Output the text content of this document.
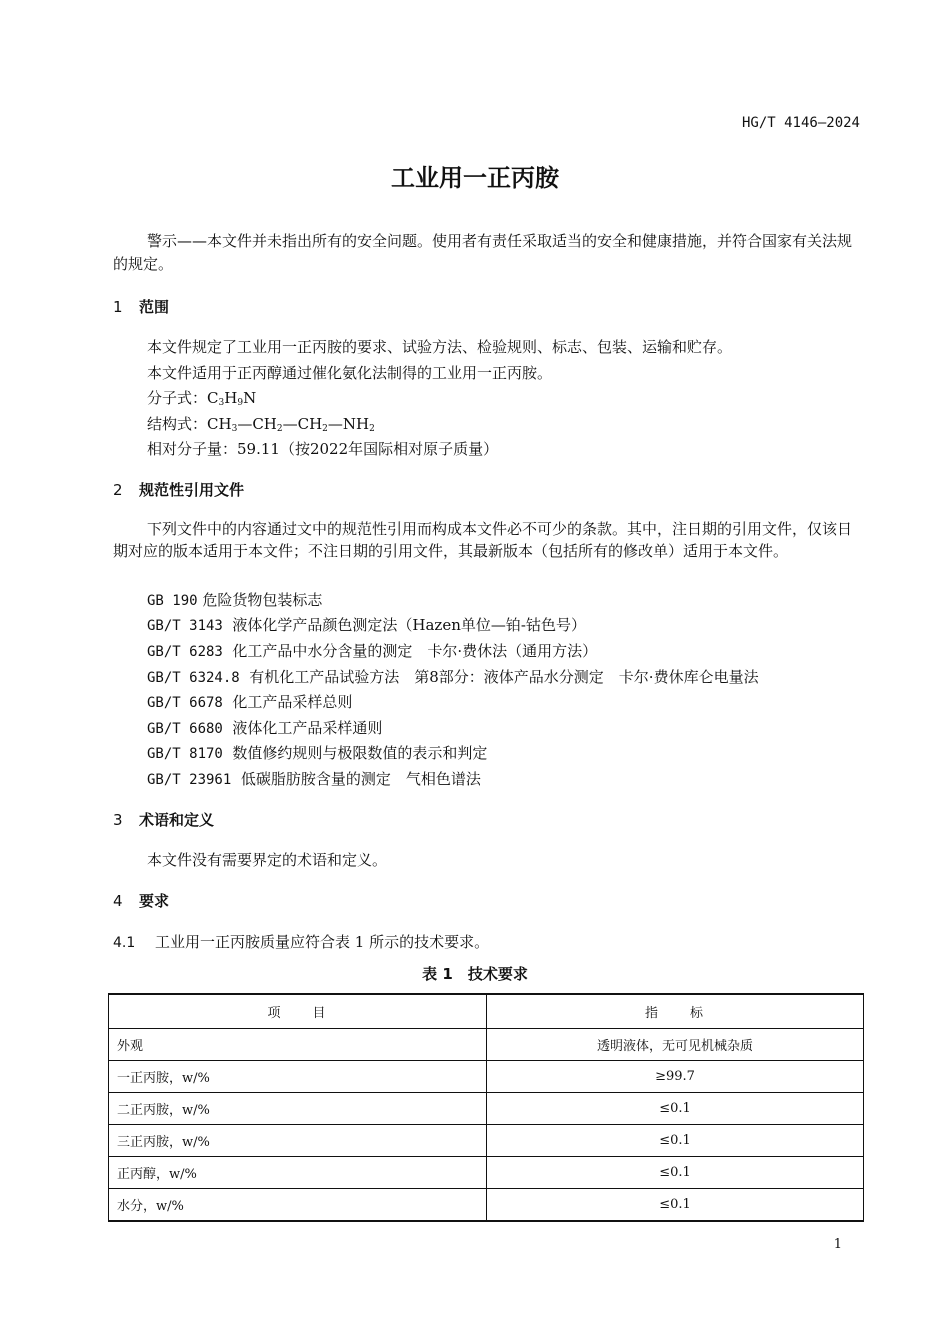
HG/T 4146—2024
工业用一正丙胺
警示——本文件并未指出所有的安全问题。使用者有责任采取适当的安全和健康措施，并符合国家有关法规的规定。
1 范围
本文件规定了工业用一正丙胺的要求、试验方法、检验规则、标志、包装、运输和贮存。
本文件适用于正丙醇通过催化氨化法制得的工业用一正丙胺。
分子式：$C_3H_9N$
结构式：$CH_3—CH_2—CH_2—NH_2$
相对分子量：59.11（按2022年国际相对原子质量）
2 规范性引用文件
下列文件中的内容通过文中的规范性引用而构成本文件必不可少的条款。其中，注日期的引用文件，仅该日期对应的版本适用于本文件；不注日期的引用文件，其最新版本（包括所有的修改单）适用于本文件。
GB 190 危险货物包装标志
GB/T 3143 液体化学产品颜色测定法（Hazen单位—铂-钴色号）
GB/T 6283 化工产品中水分含量的测定　卡尔·费休法（通用方法）
GB/T 6324.8 有机化工产品试验方法　第8部分：液体产品水分测定　卡尔·费休库仑电量法
GB/T 6678 化工产品采样总则
GB/T 6680 液体化工产品采样通则
GB/T 8170 数值修约规则与极限数值的表示和判定
GB/T 23961 低碳脂肪胺含量的测定　气相色谱法
3 术语和定义
本文件没有需要界定的术语和定义。
4 要求
4.1 工业用一正丙胺质量应符合表 1 所示的技术要求。
表 1　技术要求
项　　目	指　　标
外观	透明液体，无可见机械杂质
一正丙胺，w/%	≥99.7
二正丙胺，w/%	≤0.1
三正丙胺，w/%	≤0.1
正丙醇，w/%	≤0.1
水分，w/%	≤0.1
1
